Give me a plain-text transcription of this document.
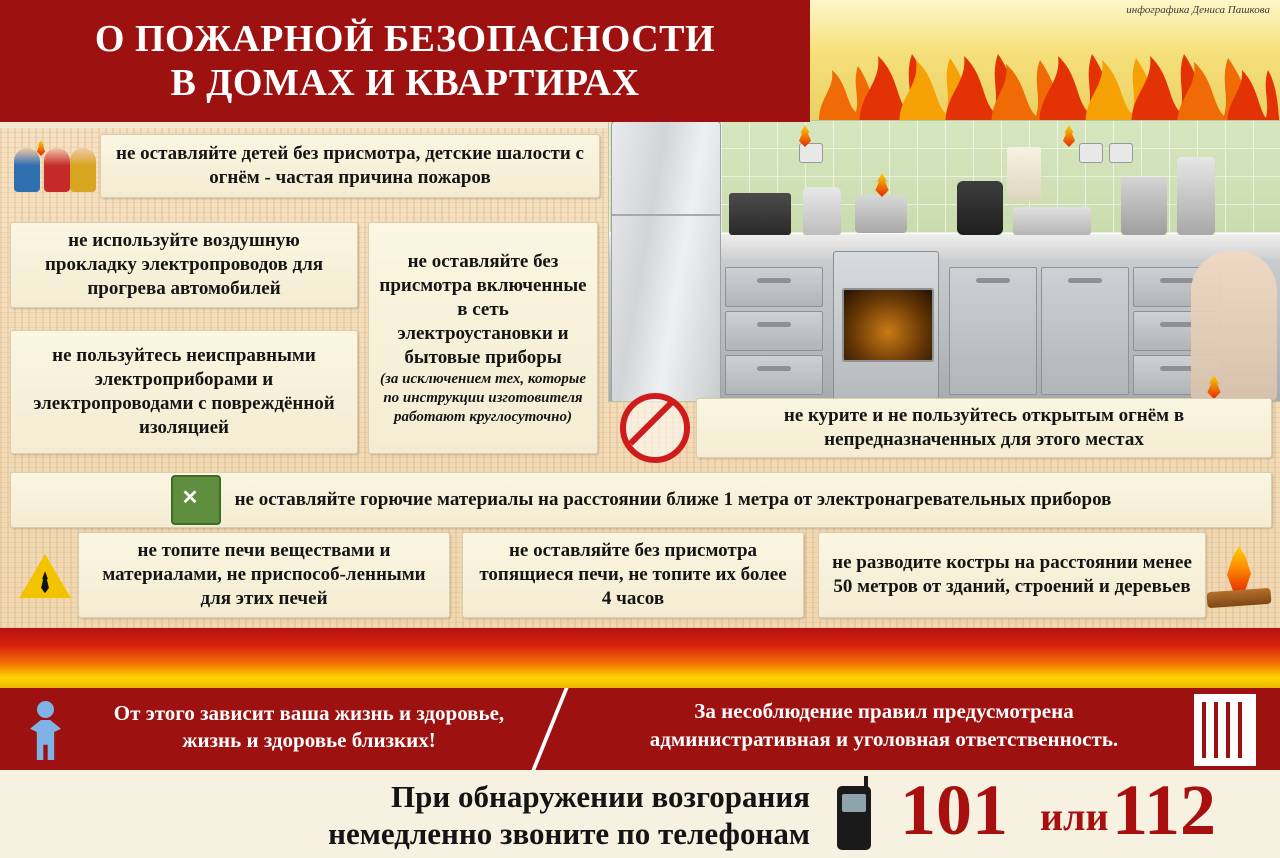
О ПОЖАРНОЙ БЕЗОПАСНОСТИ
В ДОМАХ И КВАРТИРАХ
инфографика Дениса Пашкова
не оставляйте детей без присмотра, детские шалости с огнём - частая причина пожаров
не используйте воздушную прокладку электропроводов для прогрева автомобилей
не оставляйте без присмотра включенные в сеть электроустановки и бытовые приборы
(за исключением тех, которые по инструкции изготовителя работают круглосуточно)
не пользуйтесь неисправными электроприборами и электропроводами с повреждённой изоляцией
не курите и не пользуйтесь открытым огнём в непредназначенных для этого местах
✕
не оставляйте горючие материалы на расстоянии ближе 1 метра от электронагревательных приборов
не топите печи веществами и материалами, не приспособ-ленными для этих печей
не оставляйте без присмотра топящиеся печи, не топите их более 4 часов
не разводите костры на расстоянии менее 50 метров от зданий, строений и деревьев
От этого зависит ваша жизнь и здоровье, жизнь и здоровье близких!
За несоблюдение правил предусмотрена
административная и уголовная ответственность.
При обнаружении возгорания
немедленно звоните по телефонам 101 или 112
